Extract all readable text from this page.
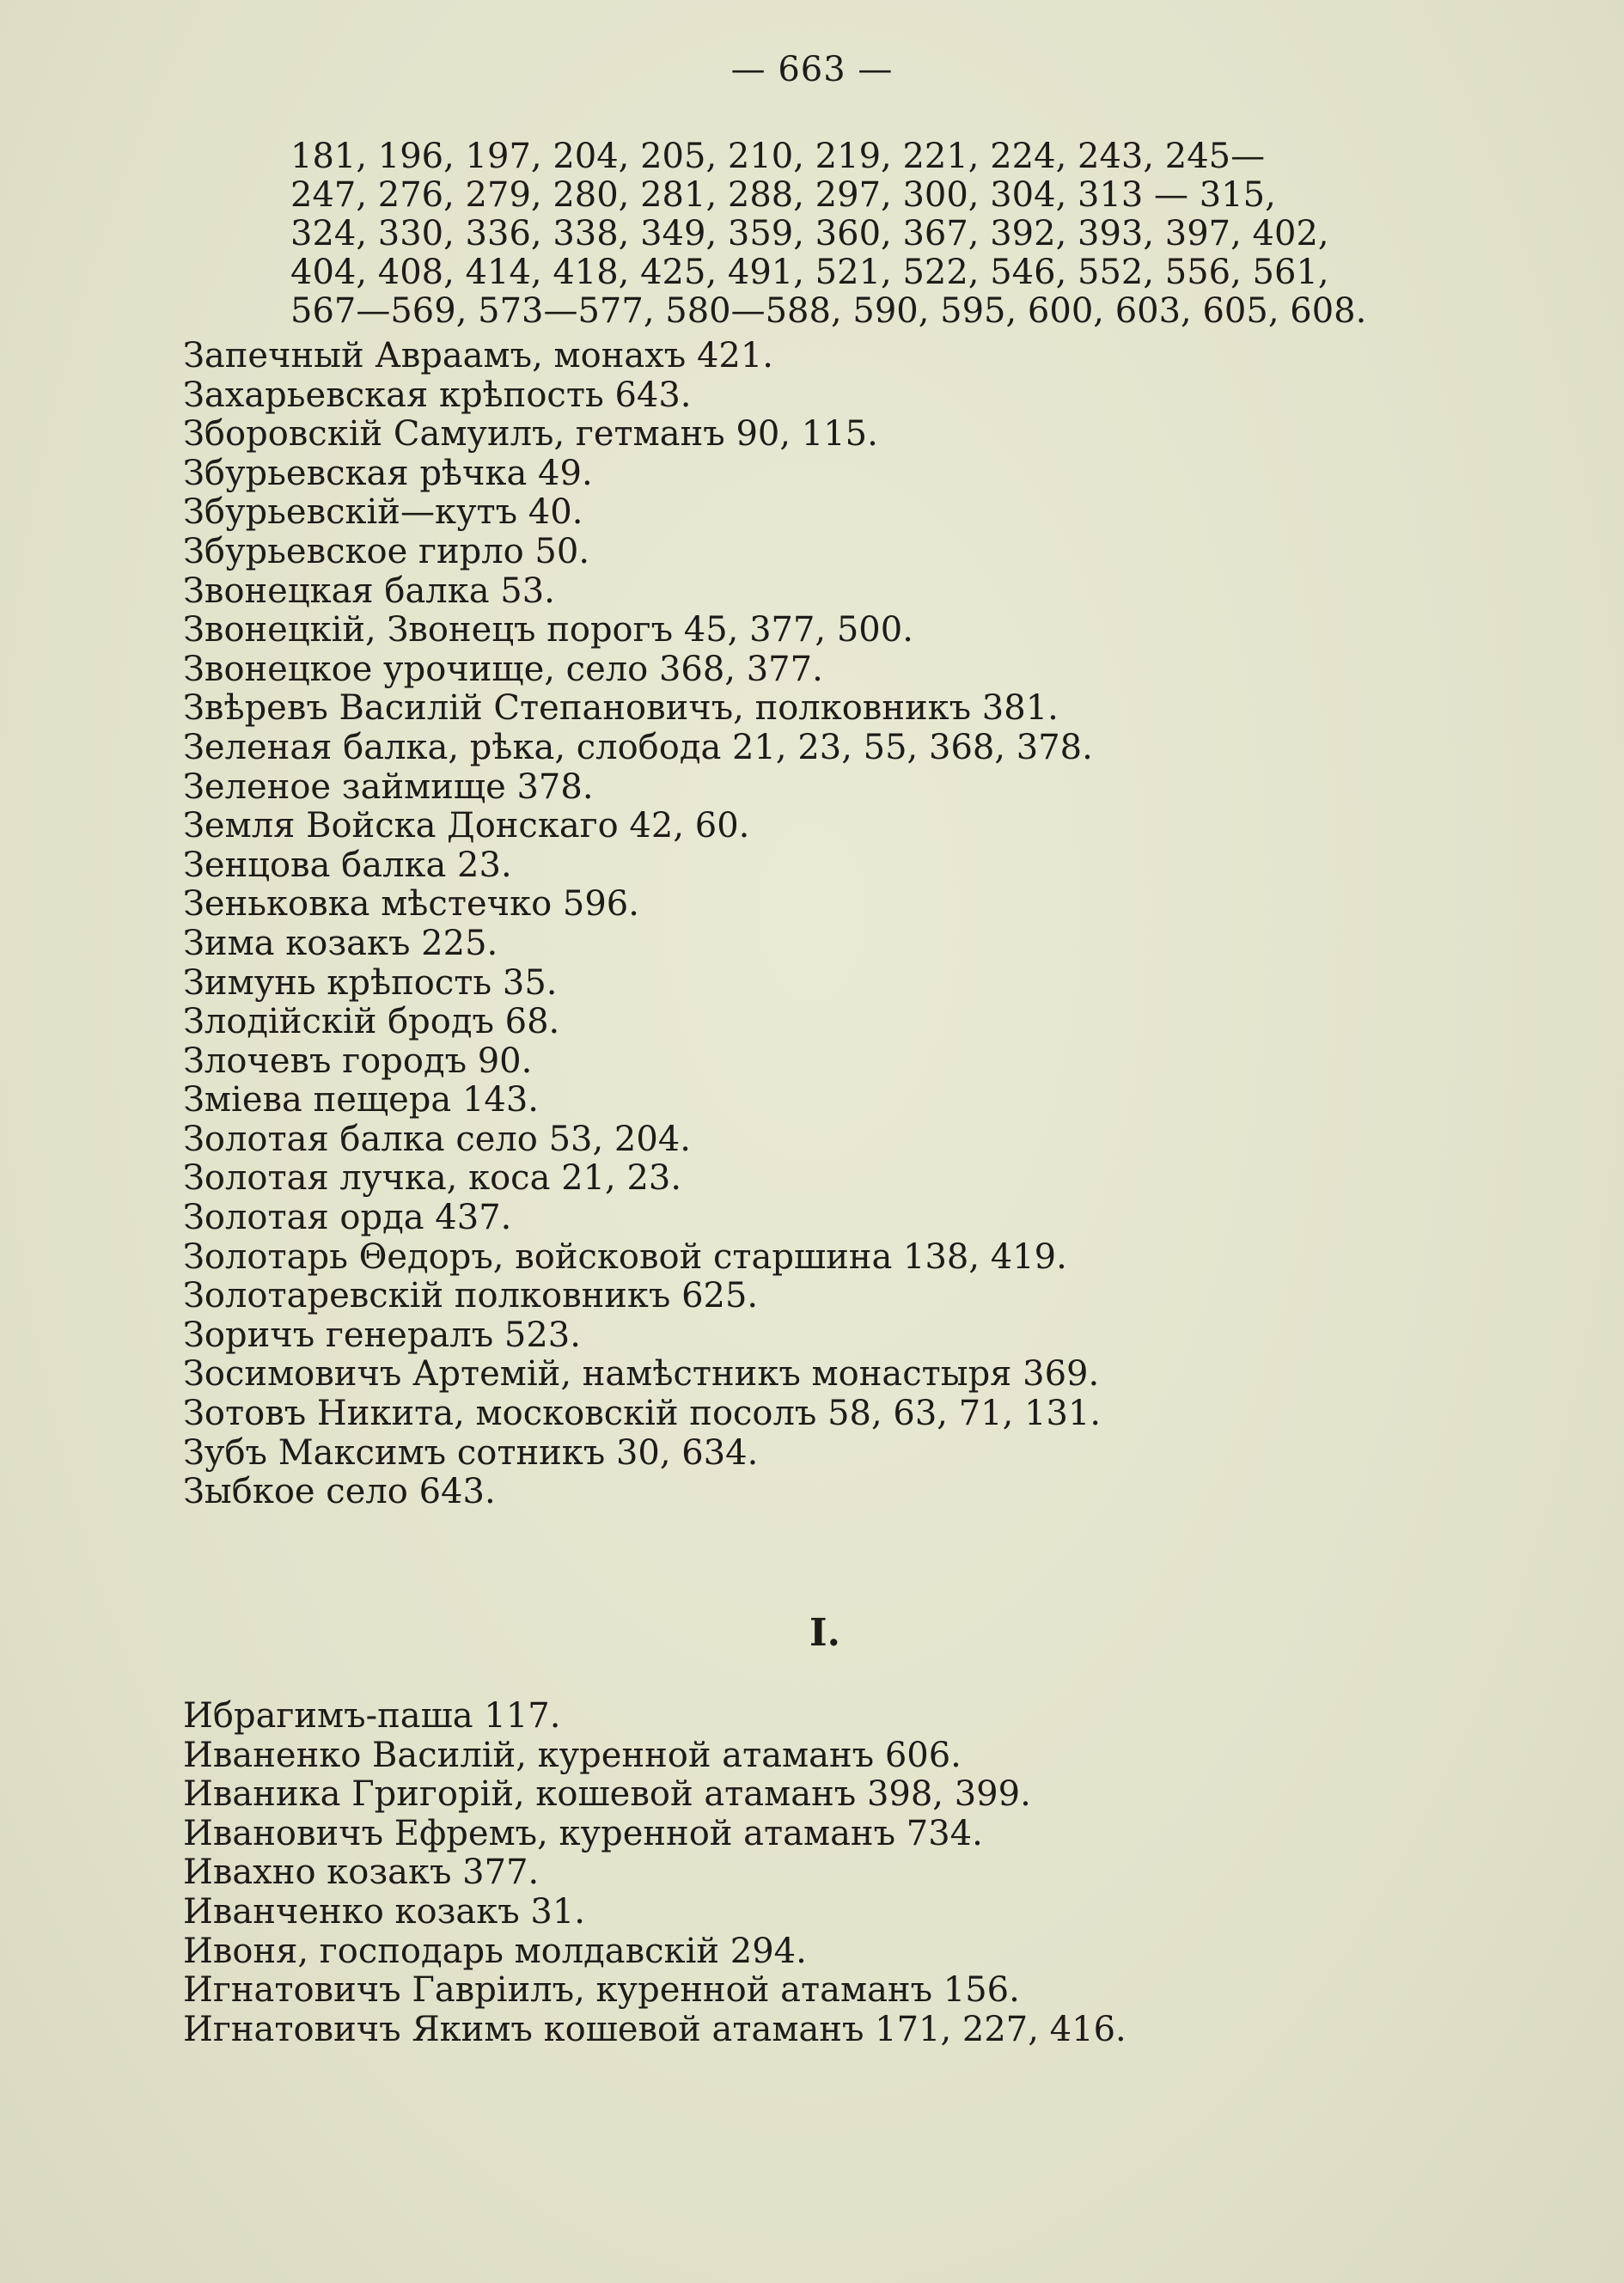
— 663 —
181, 196, 197, 204, 205, 210, 219, 221, 224, 243, 245—
247, 276, 279, 280, 281, 288, 297, 300, 304, 313 — 315,
324, 330, 336, 338, 349, 359, 360, 367, 392, 393, 397, 402,
404, 408, 414, 418, 425, 491, 521, 522, 546, 552, 556, 561,
567—569, 573—577, 580—588, 590, 595, 600, 603, 605, 608.
Запечный Авраамъ, монахъ 421.
Захарьевская крѣпость 643.
Зборовскій Самуилъ, гетманъ 90, 115.
Збурьевская рѣчка 49.
Збурьевскій—кутъ 40.
Збурьевское гирло 50.
Звонецкая балка 53.
Звонецкій, Звонецъ порогъ 45, 377, 500.
Звонецкое урочище, село 368, 377.
Звѣревъ Василій Степановичъ, полковникъ 381.
Зеленая балка, рѣка, слобода 21, 23, 55, 368, 378.
Зеленое займище 378.
Земля Войска Донскаго 42, 60.
Зенцова балка 23.
Зеньковка мѣстечко 596.
Зима козакъ 225.
Зимунь крѣпость 35.
Злодійскій бродъ 68.
Злочевъ городъ 90.
Зміева пещера 143.
Золотая балка село 53, 204.
Золотая лучка, коса 21, 23.
Золотая орда 437.
Золотарь Θедоръ, войсковой старшина 138, 419.
Золотаревскій полковникъ 625.
Зоричъ генералъ 523.
Зосимовичъ Артемій, намѣстникъ монастыря 369.
Зотовъ Никита, московскій посолъ 58, 63, 71, 131.
Зубъ Максимъ сотникъ 30, 634.
Зыбкое село 643.
I.
Ибрагимъ-паша 117.
Иваненко Василій, куренной атаманъ 606.
Иваника Григорій, кошевой атаманъ 398, 399.
Ивановичъ Ефремъ, куренной атаманъ 734.
Ивахно козакъ 377.
Иванченко козакъ 31.
Ивоня, господарь молдавскій 294.
Игнатовичъ Гавріилъ, куренной атаманъ 156.
Игнатовичъ Якимъ кошевой атаманъ 171, 227, 416.
